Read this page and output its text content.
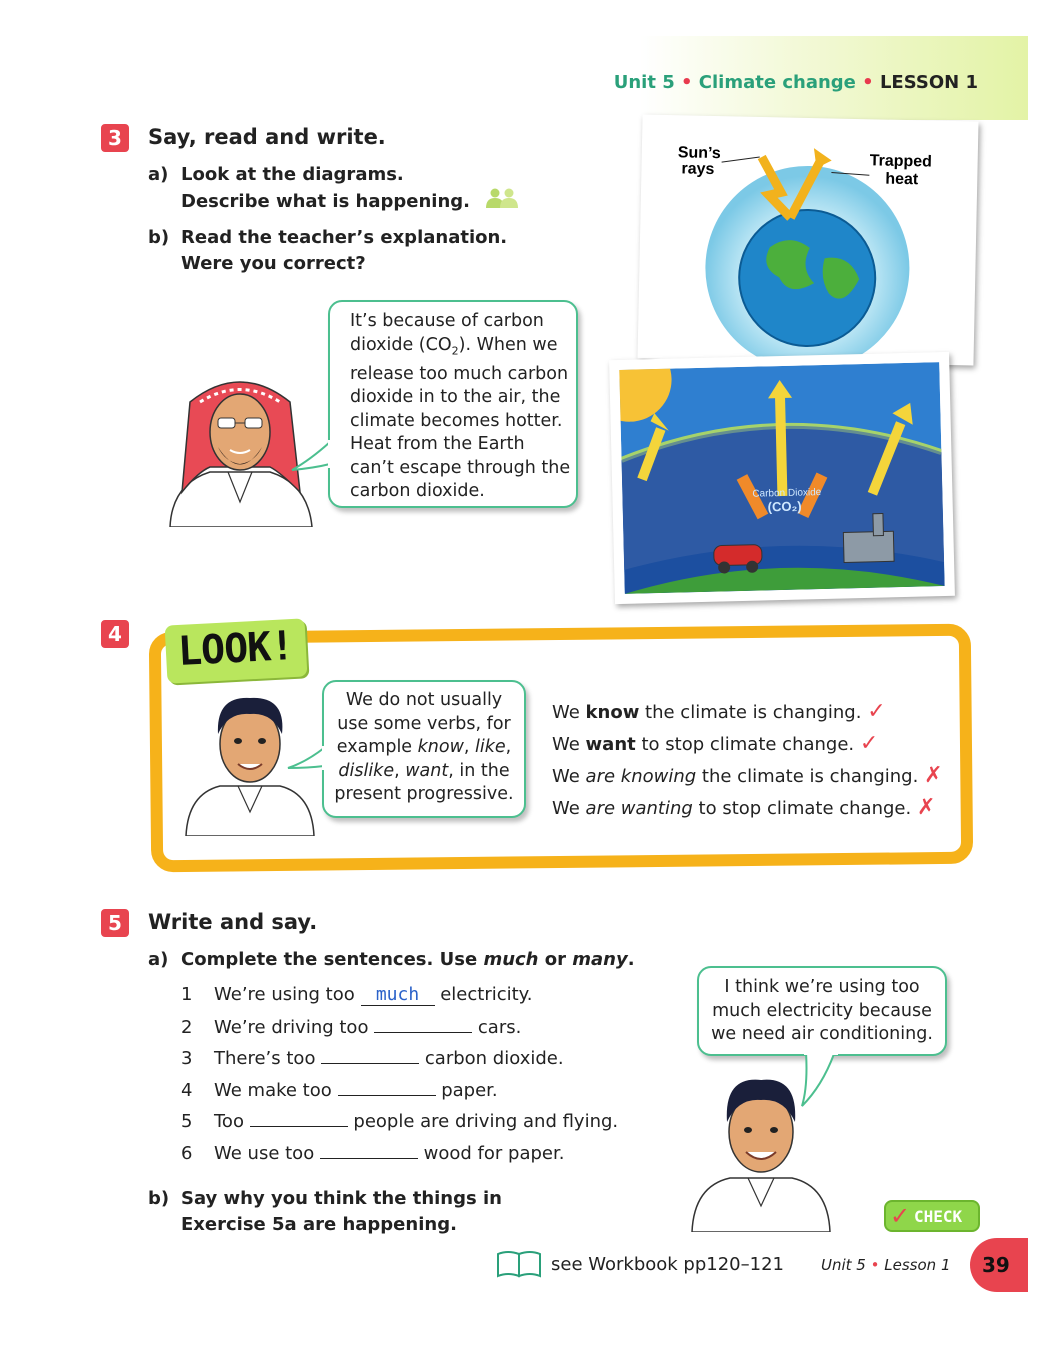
Unit 5 • Climate change • LESSON 1
3	Say, read and write.
a) Look at the diagrams.
Describe what is happening.
b) Read the teacher’s explanation.
Were you correct?
It’s because of carbon
dioxide $(CO_2)$. When we
release too much carbon
dioxide in to the air, the
climate becomes hotter.
Heat from the Earth
can’t escape through the
carbon dioxide.
Sun’s
rays	Trapped
heat
Carbon Dioxide
(CO₂)
4 LOOK!
We do not usually
use some verbs, for
example know, like,
dislike, want, in the
present progressive.
We know the climate is changing. ✓
We want to stop climate change. ✓
We are knowing the climate is changing. ✗
We are wanting to stop climate change. ✗
5	Write and say.
a) Complete the sentences. Use much or many.
1 We’re using too much electricity.
2 We’re driving too	cars.
3 There’s too	carbon dioxide.
4 We make too	paper.
5 Too	people are driving and flying.
6 We use too	wood for paper.
b) Say why you think the things in
Exercise 5a are happening.
I think we’re using too
much electricity because
we need air conditioning.
✓ CHECK
see Workbook pp120–121 Unit 5 • Lesson 1 39
